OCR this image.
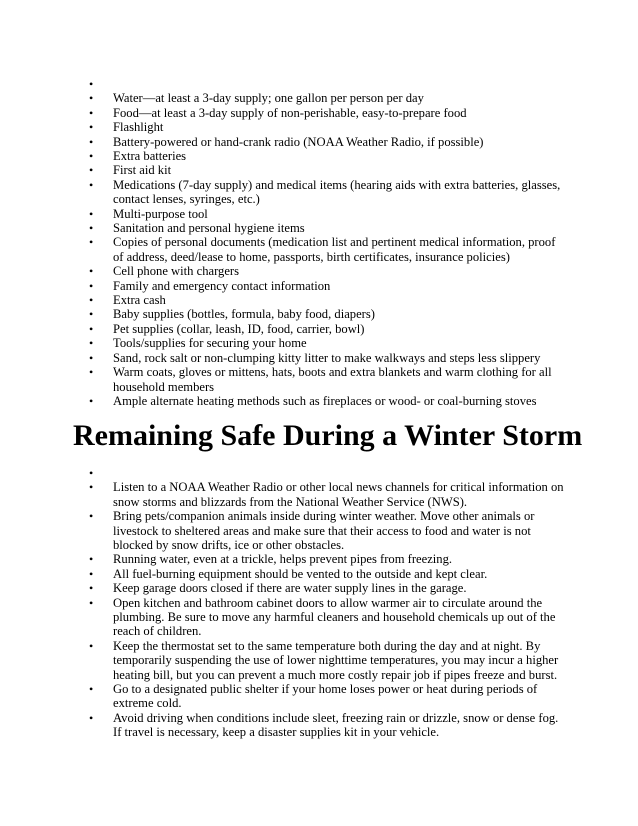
•
•	Water—at least a 3-day supply; one gallon per person per day
•	Food—at least a 3-day supply of non-perishable, easy-to-prepare food
•	Flashlight
•	Battery-powered or hand-crank radio (NOAA Weather Radio, if possible)
•	Extra batteries
•	First aid kit
•	Medications (7-day supply) and medical items (hearing aids with extra batteries, glasses, contact lenses, syringes, etc.)
•	Multi-purpose tool
•	Sanitation and personal hygiene items
•	Copies of personal documents (medication list and pertinent medical information, proof of address, deed/lease to home, passports, birth certificates, insurance policies)
•	Cell phone with chargers
•	Family and emergency contact information
•	Extra cash
•	Baby supplies (bottles, formula, baby food, diapers)
•	Pet supplies (collar, leash, ID, food, carrier, bowl)
•	Tools/supplies for securing your home
•	Sand, rock salt or non-clumping kitty litter to make walkways and steps less slippery
•	Warm coats, gloves or mittens, hats, boots and extra blankets and warm clothing for all household members
•	Ample alternate heating methods such as fireplaces or wood- or coal-burning stoves
Remaining Safe During a Winter Storm
•
•	Listen to a NOAA Weather Radio or other local news channels for critical information on snow storms and blizzards from the National Weather Service (NWS).
•	Bring pets/companion animals inside during winter weather. Move other animals or livestock to sheltered areas and make sure that their access to food and water is not blocked by snow drifts, ice or other obstacles.
•	Running water, even at a trickle, helps prevent pipes from freezing.
•	All fuel-burning equipment should be vented to the outside and kept clear.
•	Keep garage doors closed if there are water supply lines in the garage.
•	Open kitchen and bathroom cabinet doors to allow warmer air to circulate around the plumbing. Be sure to move any harmful cleaners and household chemicals up out of the reach of children.
•	Keep the thermostat set to the same temperature both during the day and at night. By temporarily suspending the use of lower nighttime temperatures, you may incur a higher heating bill, but you can prevent a much more costly repair job if pipes freeze and burst.
•	Go to a designated public shelter if your home loses power or heat during periods of extreme cold.
•	Avoid driving when conditions include sleet, freezing rain or drizzle, snow or dense fog. If travel is necessary, keep a disaster supplies kit in your vehicle.
